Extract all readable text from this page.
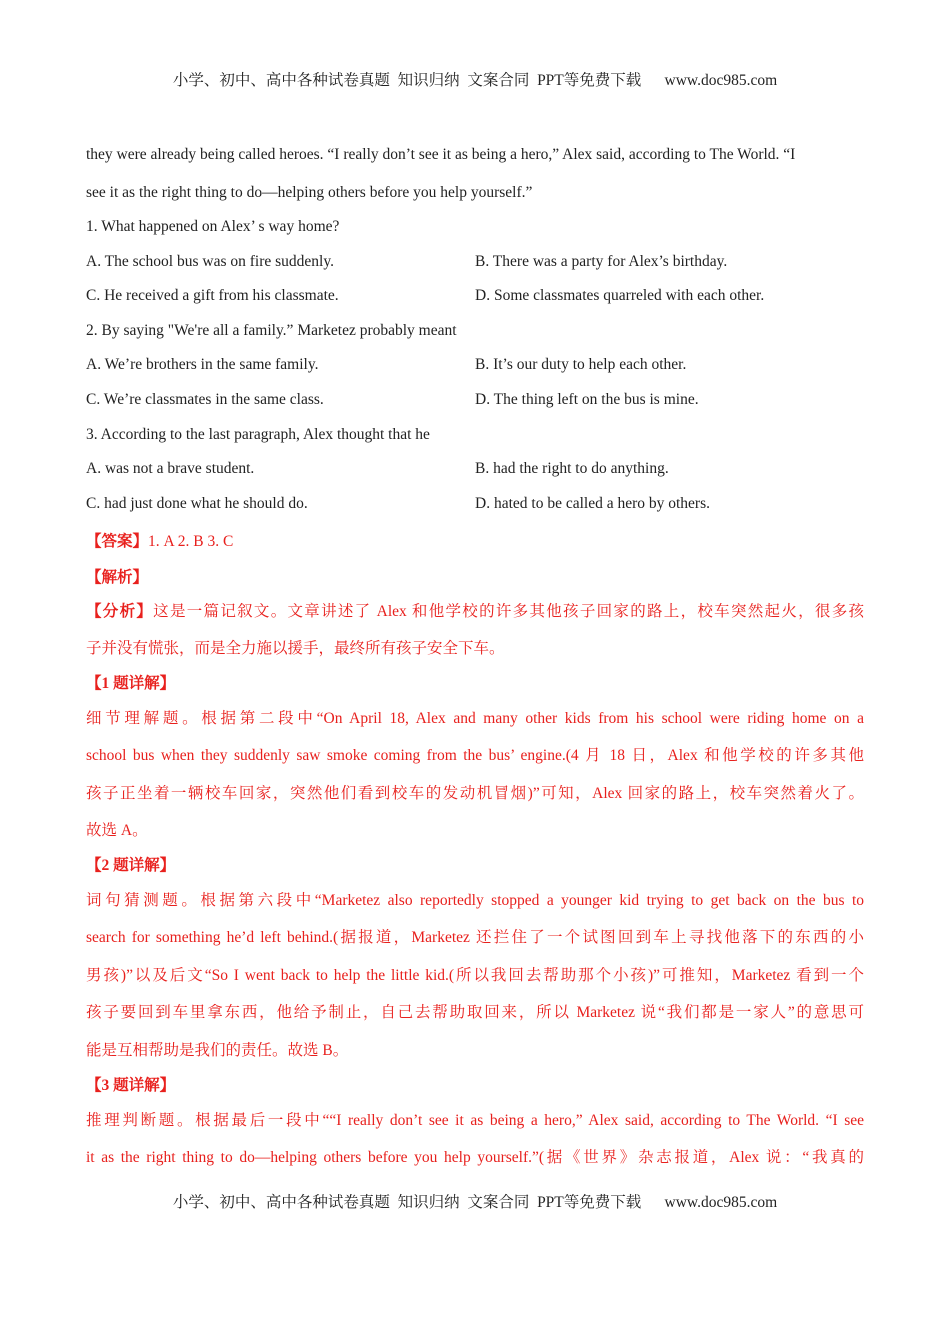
小学、初中、高中各种试卷真题  知识归纳  文案合同  PPT等免费下载 www.doc985.com
they were already being called heroes. “I really don’t see it as being a hero,” Alex said, according to The World. “I
see it as the right thing to do—helping others before you help yourself.”
1. What happened on Alex’ s way home?
A. The school bus was on fire suddenly.	B. There was a party for Alex’s birthday.
C. He received a gift from his classmate.	D. Some classmates quarreled with each other.
2. By saying "We're all a family.” Marketez probably meant
A. We’re brothers in the same family.	B. It’s our duty to help each other.
C. We’re classmates in the same class.	D. The thing left on the bus is mine.
3. According to the last paragraph, Alex thought that he
A. was not a brave student.	B. had the right to do anything.
C. had just done what he should do.	D. hated to be called a hero by others.
【答案】1. A 2. B 3. C
【解析】
【分析】这是一篇记叙文。文章讲述了 Alex 和他学校的许多其他孩子回家的路上，校车突然起火，很多孩
子并没有慌张，而是全力施以援手，最终所有孩子安全下车。
【1 题详解】
细节理解题。根据第二段中“On April 18, Alex and many other kids from his school were riding home on a
school bus when they suddenly saw smoke coming from the bus’ engine.(4 月 18 日，Alex 和他学校的许多其他
孩子正坐着一辆校车回家，突然他们看到校车的发动机冒烟)”可知，Alex 回家的路上，校车突然着火了。
故选 A。
【2 题详解】
词句猜测题。根据第六段中“Marketez also reportedly stopped a younger kid trying to get back on the bus to
search for something he’d left behind.(据报道，Marketez 还拦住了一个试图回到车上寻找他落下的东西的小
男孩)”以及后文“So I went back to help the little kid.(所以我回去帮助那个小孩)”可推知，Marketez 看到一个
孩子要回到车里拿东西，他给予制止，自己去帮助取回来，所以 Marketez 说“我们都是一家人”的意思可
能是互相帮助是我们的责任。故选 B。
【3 题详解】
推理判断题。根据最后一段中““I really don’t see it as being a hero,” Alex said, according to The World. “I see
it as the right thing to do—helping others before you help yourself.”(据《世界》杂志报道，Alex 说：“我真的
小学、初中、高中各种试卷真题  知识归纳  文案合同  PPT等免费下载 www.doc985.com
